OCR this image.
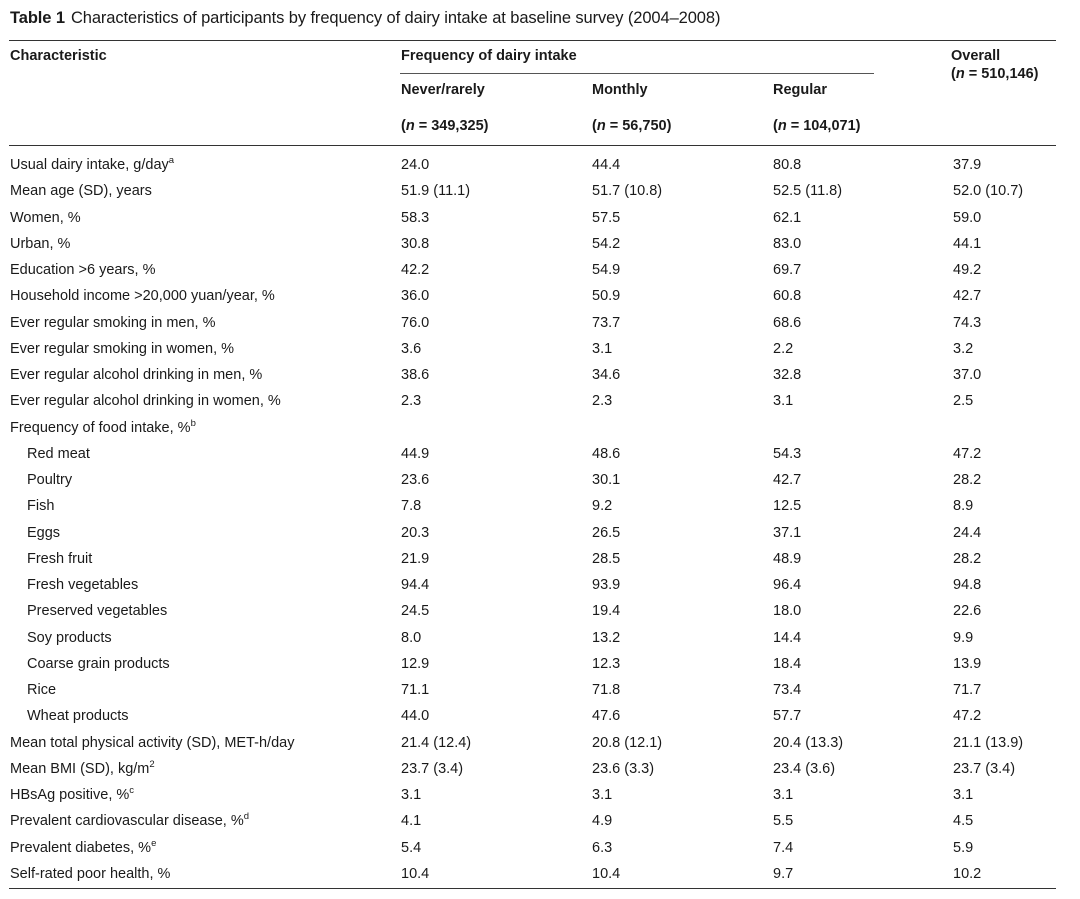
Table 1 Characteristics of participants by frequency of dairy intake at baseline survey (2004–2008)
Characteristic	Frequency of dairy intake	Overall
(n = 510,146)
Never/rarely	Monthly	Regular
(n = 349,325)	(n = 56,750)	(n = 104,071)
Usual dairy intake, g/day$^a$	24.0	44.4	80.8	37.9
Mean age (SD), years	51.9 (11.1)	51.7 (10.8)	52.5 (11.8)	52.0 (10.7)
Women, %	58.3	57.5	62.1	59.0
Urban, %	30.8	54.2	83.0	44.1
Education >6 years, %	42.2	54.9	69.7	49.2
Household income >20,000 yuan/year, %	36.0	50.9	60.8	42.7
Ever regular smoking in men, %	76.0	73.7	68.6	74.3
Ever regular smoking in women, %	3.6	3.1	2.2	3.2
Ever regular alcohol drinking in men, %	38.6	34.6	32.8	37.0
Ever regular alcohol drinking in women, %	2.3	2.3	3.1	2.5
Frequency of food intake, %$^b$
Red meat	44.9	48.6	54.3	47.2
Poultry	23.6	30.1	42.7	28.2
Fish	7.8	9.2	12.5	8.9
Eggs	20.3	26.5	37.1	24.4
Fresh fruit	21.9	28.5	48.9	28.2
Fresh vegetables	94.4	93.9	96.4	94.8
Preserved vegetables	24.5	19.4	18.0	22.6
Soy products	8.0	13.2	14.4	9.9
Coarse grain products	12.9	12.3	18.4	13.9
Rice	71.1	71.8	73.4	71.7
Wheat products	44.0	47.6	57.7	47.2
Mean total physical activity (SD), MET-h/day	21.4 (12.4)	20.8 (12.1)	20.4 (13.3)	21.1 (13.9)
Mean BMI (SD), $kg/m^2$	23.7 (3.4)	23.6 (3.3)	23.4 (3.6)	23.7 (3.4)
HBsAg positive, %$^c$	3.1	3.1	3.1	3.1
Prevalent cardiovascular disease, %$^d$	4.1	4.9	5.5	4.5
Prevalent diabetes, %$^e$	5.4	6.3	7.4	5.9
Self-rated poor health, %	10.4	10.4	9.7	10.2
